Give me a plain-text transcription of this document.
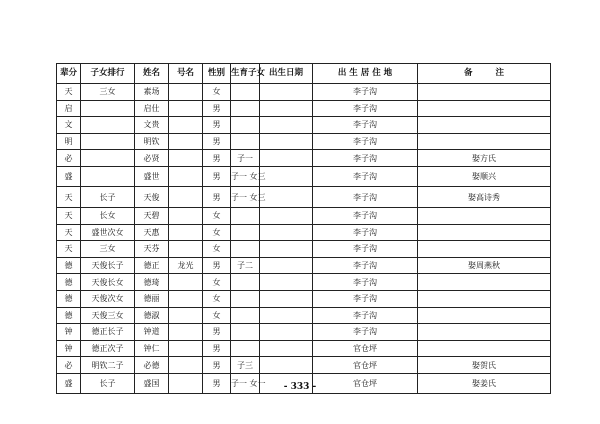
辈分	子女排行	姓名	号名	性别	生育子女	出生日期	出 生 居 住 地	备 注
天	三女	素场		女			李子沟	
启		启仕		男			李子沟	
文		文贵		男			李子沟	
明		明钦		男			李子沟	
必		必贤		男	子一		李子沟	娶方氏
盛		盛世		男	子一 女三		李子沟	娶顺兴
天	长子	天俊		男	子一 女三		李子沟	娶高诗秀
天	长女	天碧		女			李子沟	
天	盛世次女	天惠		女			李子沟	
天	三女	天芬		女			李子沟	
德	天俊长子	德正	龙光	男	子二		李子沟	娶周燕秋
德	天俊长女	德琦		女			李子沟	
德	天俊次女	德丽		女			李子沟	
德	天俊三女	德淑		女			李子沟	
钟	德正长子	钟道		男			李子沟	
钟	德正次子	钟仁		男			官仓坪	
必	明钦二子	必德		男	子三		官仓坪	娶贺氏
盛	长子	盛国		男	子一 女一		官仓坪	娶姜氏
- 333 -
